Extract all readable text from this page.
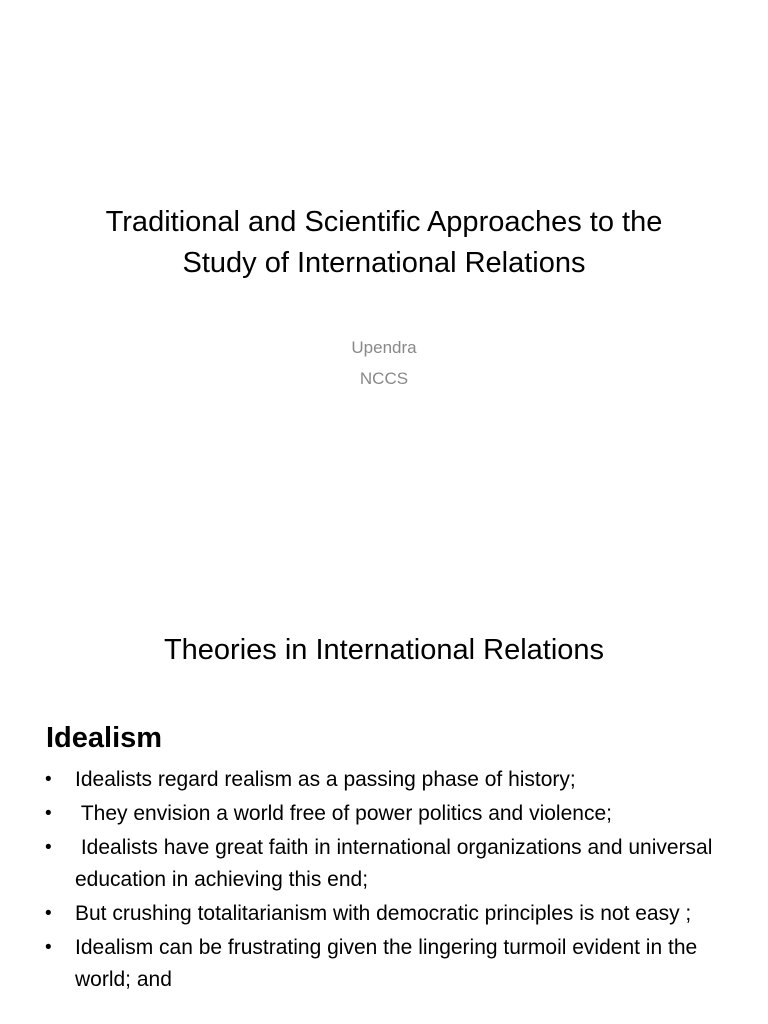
Traditional and Scientific Approaches to the
Study of International Relations
Upendra
NCCS
Theories in International Relations
Idealism
• Idealists regard realism as a passing phase of history;
• They envision a world free of power politics and violence;
• Idealists have great faith in international organizations and universal education in achieving this end;
• But crushing totalitarianism with democratic principles is not easy ;
• Idealism can be frustrating given the lingering turmoil evident in the world; and
